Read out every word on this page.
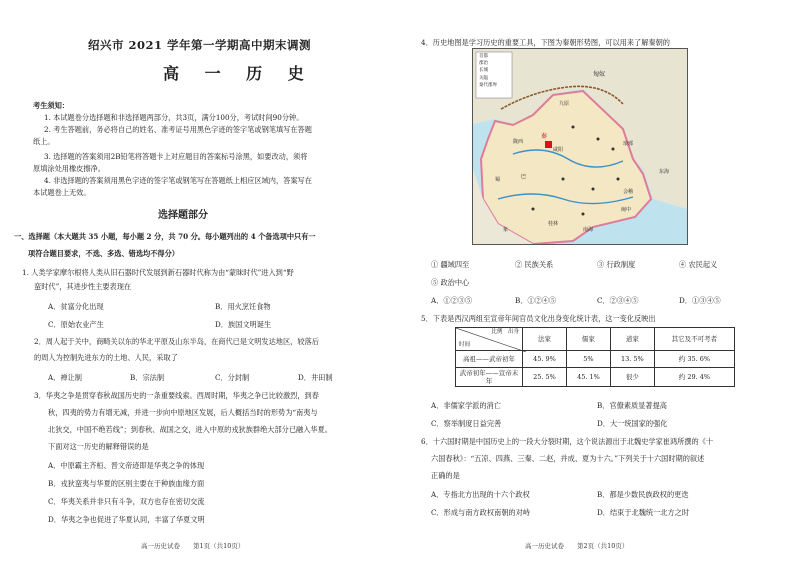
绍兴市 2021 学年第一学期高中期末调测
高 一 历 史
考生须知：
1. 本试题卷分选择题和非选择题两部分，共3页，满分100分，考试时间90分钟。
2. 考生答题前，务必将自己的姓名、准考证号用黑色字迹的签字笔或钢笔填写在答题
纸上。
3. 选择题的答案须用2B铅笔将答题卡上对应题目的答案标号涂黑，如要改动，须将
原填涂处用橡皮擦净。
4. 非选择题的答案须用黑色字迹的签字笔或钢笔写在答题纸上相应区域内，答案写在
本试题卷上无效。
选择题部分
一、选择题（本大题共 35 小题，每小题 2 分，共 70 分。每小题列出的 4 个备选项中只有一
项符合题目要求，不选、多选、错选均不得分）
1. 人类学家摩尔根将人类从旧石器时代发展到新石器时代称为由“蒙昧时代”进入到“野
蛮时代”，其进步性主要表现在
A．贫富分化出现	B．用火烹饪食物
C．原始农业产生	D．族国文明诞生
2．周人起于关中，商畸关以东的华北平原及山东半岛，在商代已是文明发达地区，较落后
的周人为控制先进东方的土地、人民，采取了
A．禅让制	B．宗法制	C．分封制	D．井田制
3．华夷之争是贯穿春秋战国历史的一条重要线索。西周时期，华夷之争已比较激烈，到春
秋，四夷的势力有增无减，并进一步向中原地区发展，后人概括当时的形势为“南夷与
北狄交，中国不绝若线”；到春秋、战国之交，进入中原的戎狄族群绝大部分已融入华夏。
下面对这一历史的解释错误的是
A．中原霸主齐桓、晋文帝迹即是华夷之争的体现
B．戎狄蛮夷与华夏的区别主要在于种族血缘方面
C．华夷关系并非只有斗争，双方也存在密切交流
D．华夷之争也促进了华夏认同，丰富了华夏文明
高一历史试卷　　第1页（共10页）
4．历史地图是学习历史的重要工具，下图为秦朝形势图，可以用来了解秦朝的
首都
郡治
长城
关隘
秦代郡界
匈奴
九原
陇西
咸阳
琅邪
会稽
南海
象
桂林
闽中
秦
巴
蜀
东海
① 疆域四至	② 民族关系	③ 行政制度	④ 农民起义
⑤ 政治中心
A．①②③⑤	B．①②④⑤	C．②③④⑤	D．①③④⑤
5．下表是西汉两组至宣帝年间官员文化出身变化统计表，这一变化反映出
比例　出身
时间	法家	儒家	道家	其它及不可考者
高祖——武帝初年	45. 9%	5%	13. 5%	约 35. 6%
武帝初年——宣帝末年	25. 5%	45. 1%	很少	约 29. 4%
A．非儒家学派的消亡	B．官僚素质显著提高
C．察举制度日益完善	D．大一统国家的强化
6．十六国时期是中国历史上的一段大分裂时期，这个说法源出于北魏史学家崔鸿所撰的《十
六国春秋》：“五凉、四燕、三秦、二赵，并成、夏为十六。”下列关于十六国时期的叙述
正确的是
A．专指北方出现的十六个政权	B．都是少数民族政权的更迭
C．形成与南方政权南朝的对峙	D．结束于北魏统一北方之时
高一历史试卷　　第2页（共10页）
